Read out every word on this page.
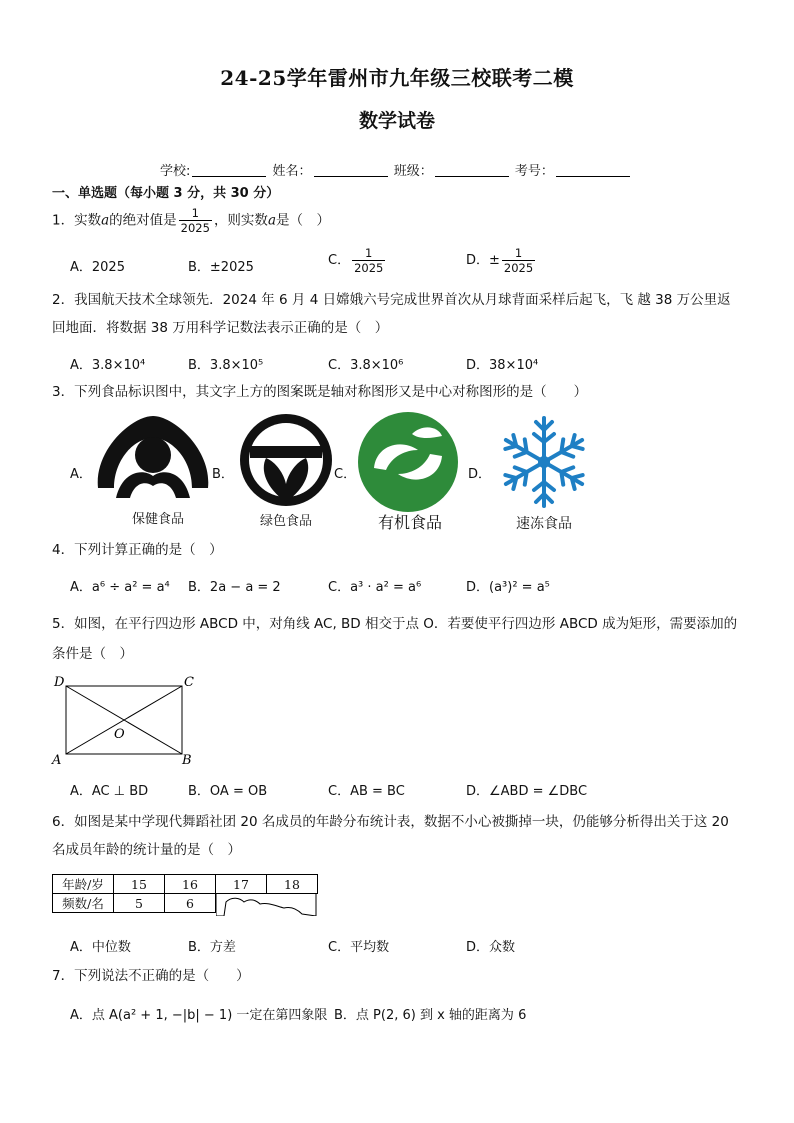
24-25学年雷州市九年级三校联考二模
数学试卷
学校:	姓名：	班级：	考号：
一、单选题（每小题 3 分，共 30 分）
1．实数a的绝对值是 $\frac{1}{2025}$ ，则实数a是（　）
A．2025	B．±2025	C． $\frac{1}{2025}$	D．± $\frac{1}{2025}$
2．我国航天技术全球领先．2024 年 6 月 4 日嫦娥六号完成世界首次从月球背面采样后起飞，飞 越 38 万公里返
回地面．将数据 38 万用科学记数法表示正确的是（　）
A．3.8×10⁴	B．3.8×10⁵	C．3.8×10⁶	D．38×10⁴
3．下列食品标识图中，其文字上方的图案既是轴对称图形又是中心对称图形的是（　　）
A．
保健食品
B．
绿色食品
C．
有机食品
D．
速冻食品
4．下列计算正确的是（　）
A．a⁶ ÷ a² = a⁴ B．2a − a = 2	C．a³ · a² = a⁶	D．(a³)² = a⁵
5．如图，在平行四边形 ABCD 中，对角线 AC, BD 相交于点 O．若要使平行四边形 ABCD 成为矩形，需要添加的
条件是（　）
D	C
A	B
O
A．AC ⊥ BD	B．OA = OB	C．AB = BC	D．∠ABD = ∠DBC
6．如图是某中学现代舞蹈社团 20 名成员的年龄分布统计表，数据不小心被撕掉一块，仍能够分析得出关于这 20
名成员年龄的统计量的是（　）
年龄/岁	15	16	17	18
频数/名	5	6	
A．中位数	B．方差	C．平均数	D．众数
7．下列说法不正确的是（　　）
A．点 A(a² + 1, −|b| − 1) 一定在第四象限 B．点 P(2, 6) 到 x 轴的距离为 6
